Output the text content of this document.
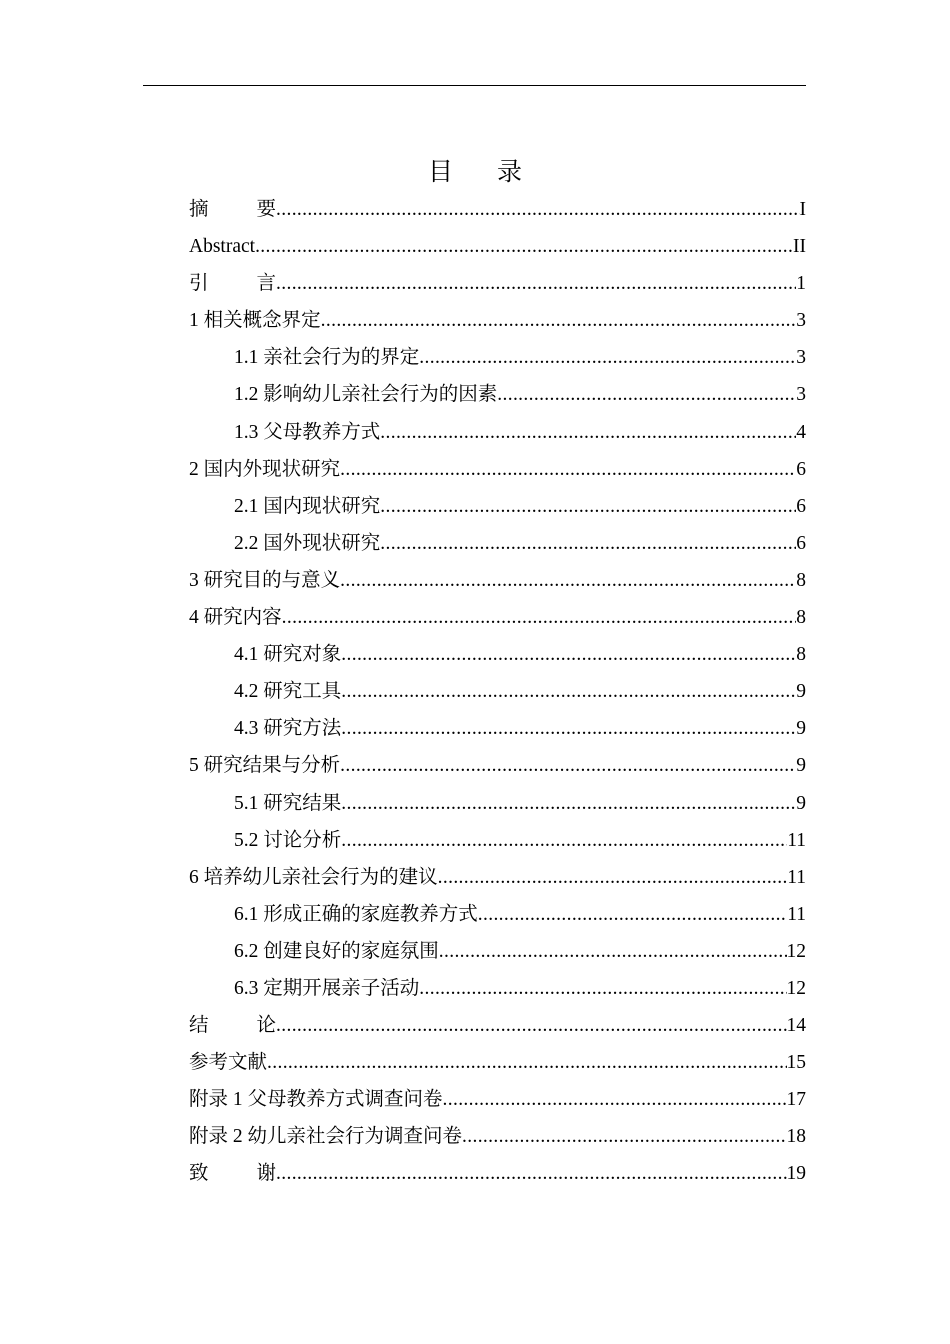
目录
摘要 .....	I
Abstract .....	II
引言 .....	1
1 相关概念界定 .....	3
1.1 亲社会行为的界定 .....	3
1.2 影响幼儿亲社会行为的因素 .....	3
1.3 父母教养方式 .....	4
2 国内外现状研究 .....	6
2.1 国内现状研究 .....	6
2.2 国外现状研究 .....	6
3 研究目的与意义 .....	8
4 研究内容 .....	8
4.1 研究对象 .....	8
4.2 研究工具 .....	9
4.3 研究方法 .....	9
5 研究结果与分析 .....	9
5.1 研究结果 .....	9
5.2 讨论分析 .....	11
6 培养幼儿亲社会行为的建议 .....	11
6.1 形成正确的家庭教养方式 .....	11
6.2 创建良好的家庭氛围 .....	12
6.3 定期开展亲子活动 .....	12
结论 .....	14
参考文献 .....	15
附录 1 父母教养方式调查问卷 .....	17
附录 2 幼儿亲社会行为调查问卷 .....	18
致谢 .....	19
